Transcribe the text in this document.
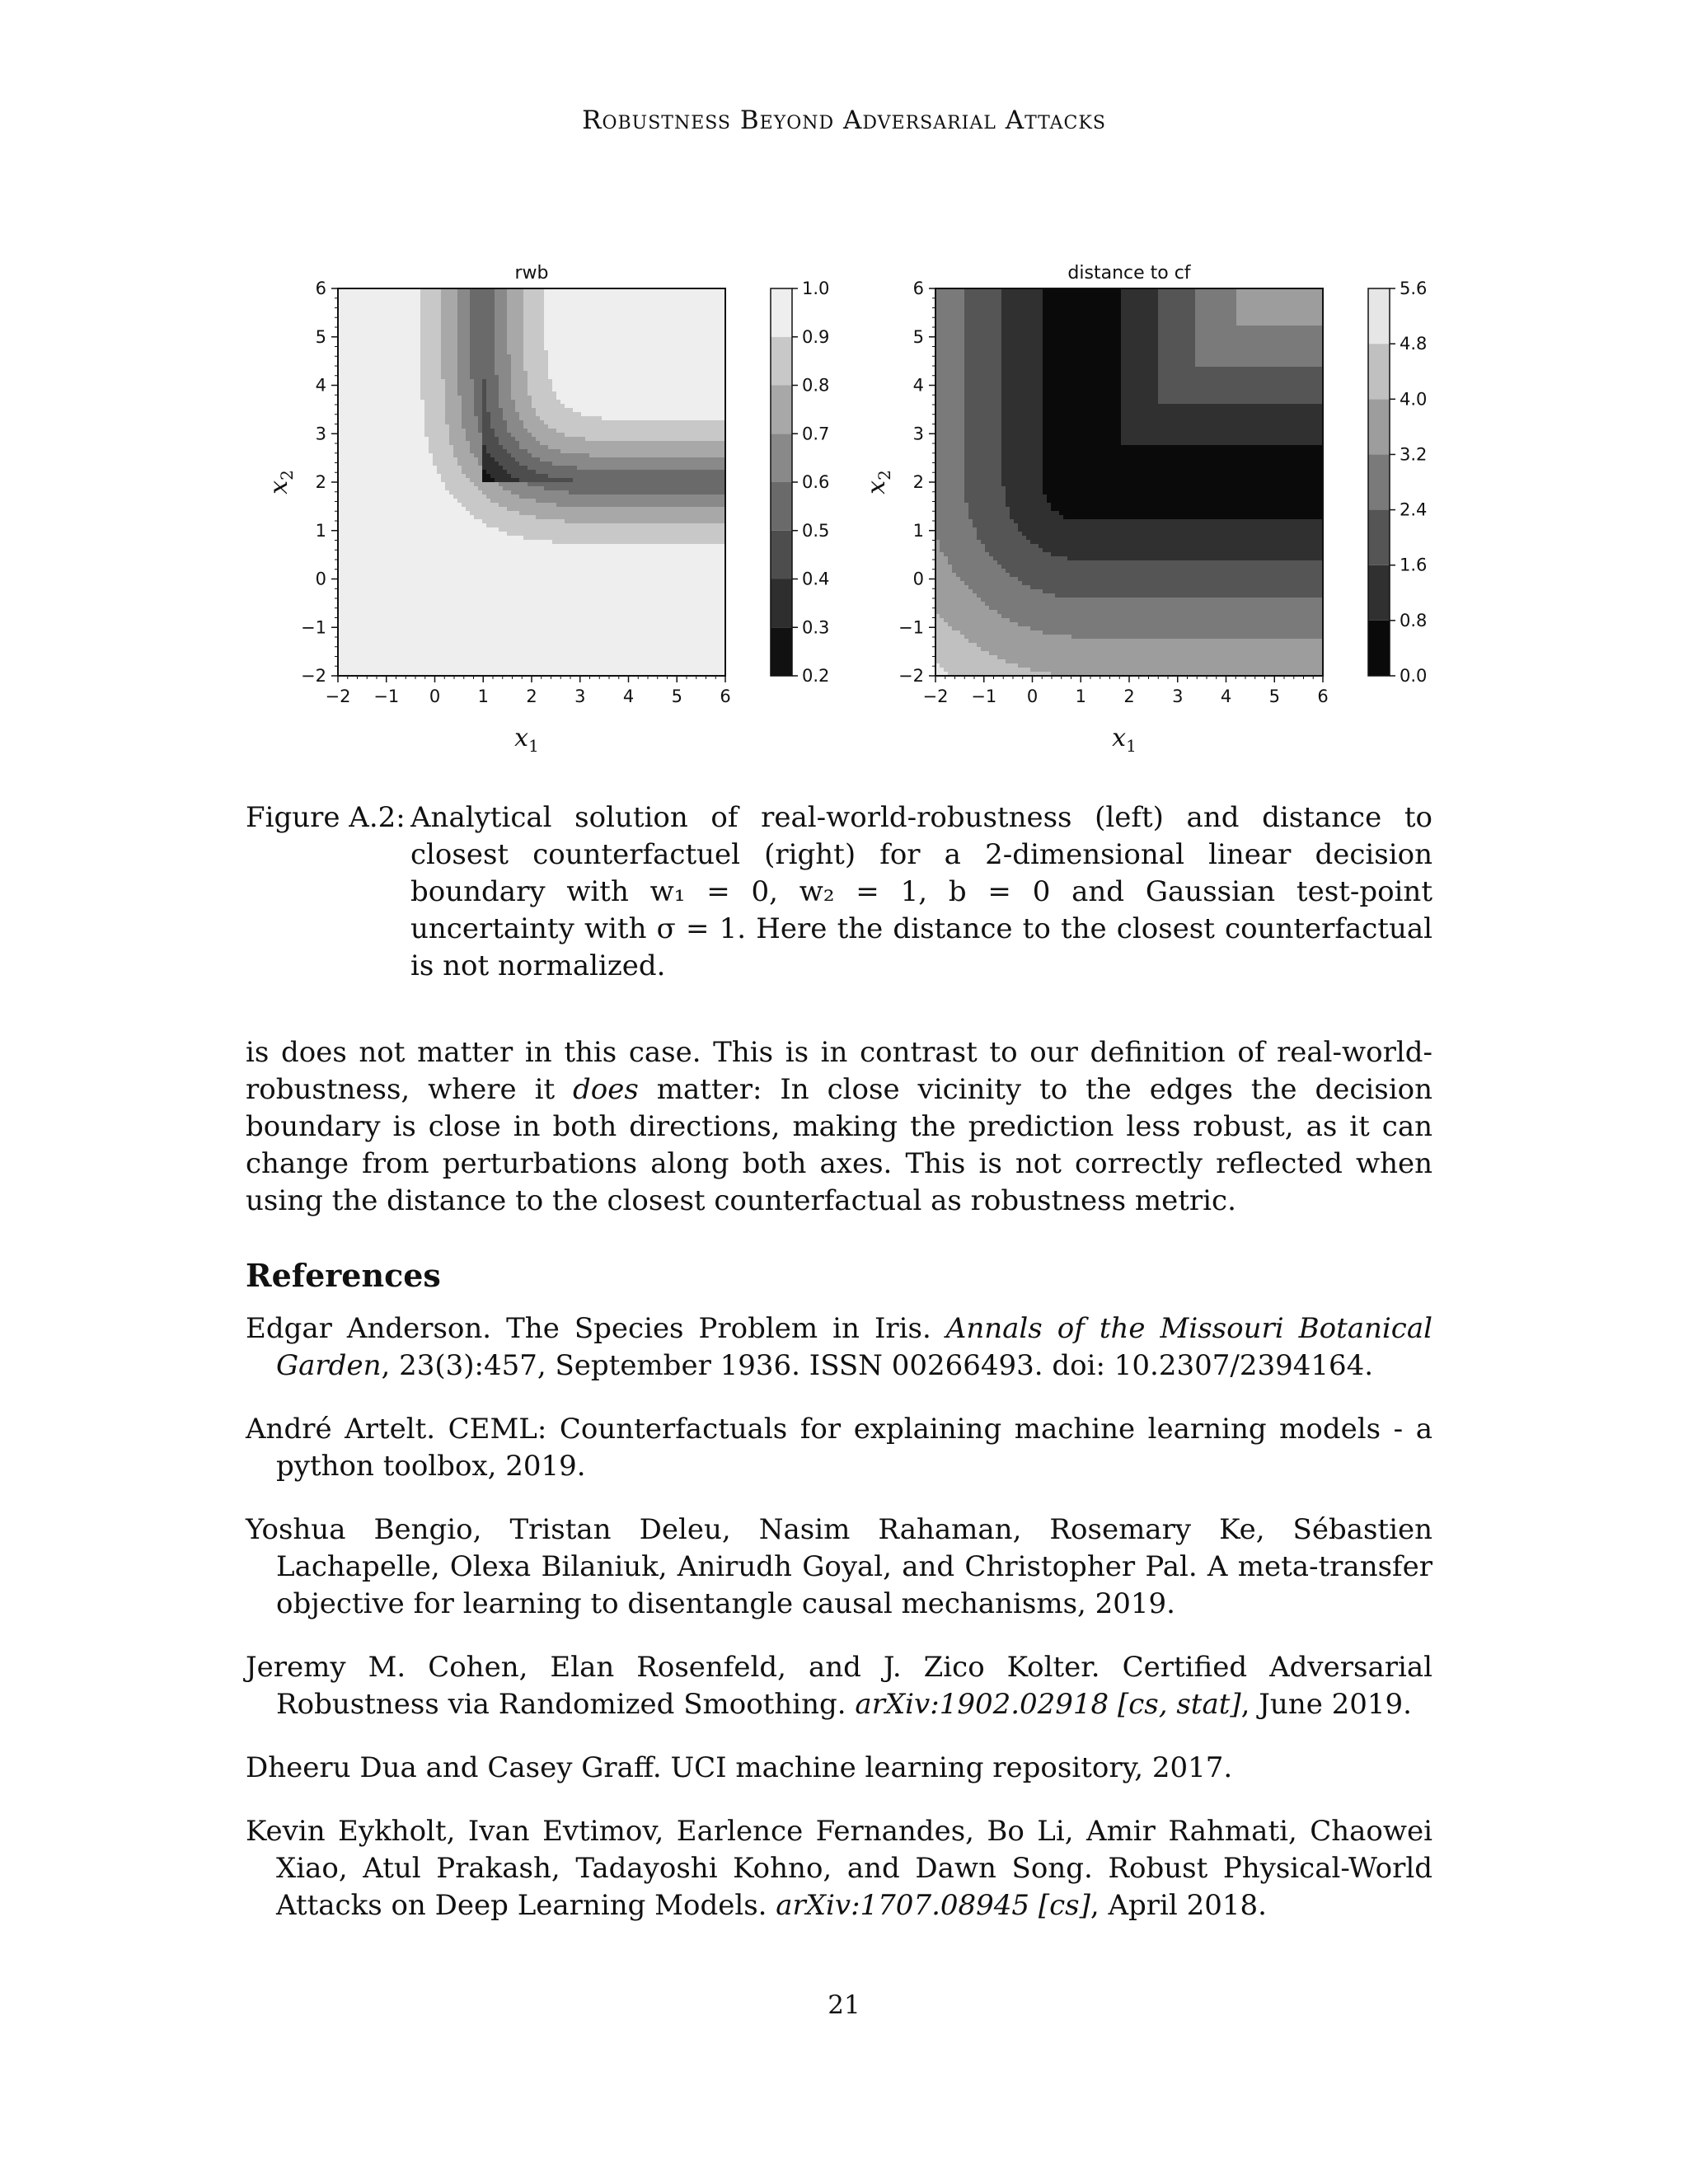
Robustness Beyond Adversarial Attacks
−2 −1 0 1 2 3 4 5 6
−2
−1
0
1
2
3
4
5
6
rwb
$x_1$
$x_2$
0.2
0.3
0.4
0.5
0.6
0.7
0.8
0.9
1.0
−2 −1 0 1 2 3 4 5 6
−2
−1
0
1
2
3
4
5
6
distance to cf
$x_1$
$x_2$
0.0
0.8
1.6
2.4
3.2
4.0
4.8
5.6
Figure A.2: Analytical solution of real-world-robustness (left) and distance to closest counterfactuel (right) for a 2-dimensional linear decision boundary with w₁ = 0, w₂ = 1, b = 0 and Gaussian test-point uncertainty with σ = 1. Here the distance to the closest counterfactual is not normalized.
is does not matter in this case. This is in contrast to our definition of real-world-robustness, where it does matter: In close vicinity to the edges the decision boundary is close in both directions, making the prediction less robust, as it can change from perturbations along both axes. This is not correctly reflected when using the distance to the closest counterfactual as robustness metric.
References
Edgar Anderson. The Species Problem in Iris. Annals of the Missouri Botanical Garden, 23(3):457, September 1936. ISSN 00266493. doi: 10.2307/2394164.
André Artelt. CEML: Counterfactuals for explaining machine learning models - a python toolbox, 2019.
Yoshua Bengio, Tristan Deleu, Nasim Rahaman, Rosemary Ke, Sébastien Lachapelle, Olexa Bilaniuk, Anirudh Goyal, and Christopher Pal. A meta-transfer objective for learning to disentangle causal mechanisms, 2019.
Jeremy M. Cohen, Elan Rosenfeld, and J. Zico Kolter. Certified Adversarial Robustness via Randomized Smoothing. arXiv:1902.02918 [cs, stat], June 2019.
Dheeru Dua and Casey Graff. UCI machine learning repository, 2017.
Kevin Eykholt, Ivan Evtimov, Earlence Fernandes, Bo Li, Amir Rahmati, Chaowei Xiao, Atul Prakash, Tadayoshi Kohno, and Dawn Song. Robust Physical-World Attacks on Deep Learning Models. arXiv:1707.08945 [cs], April 2018.
21
